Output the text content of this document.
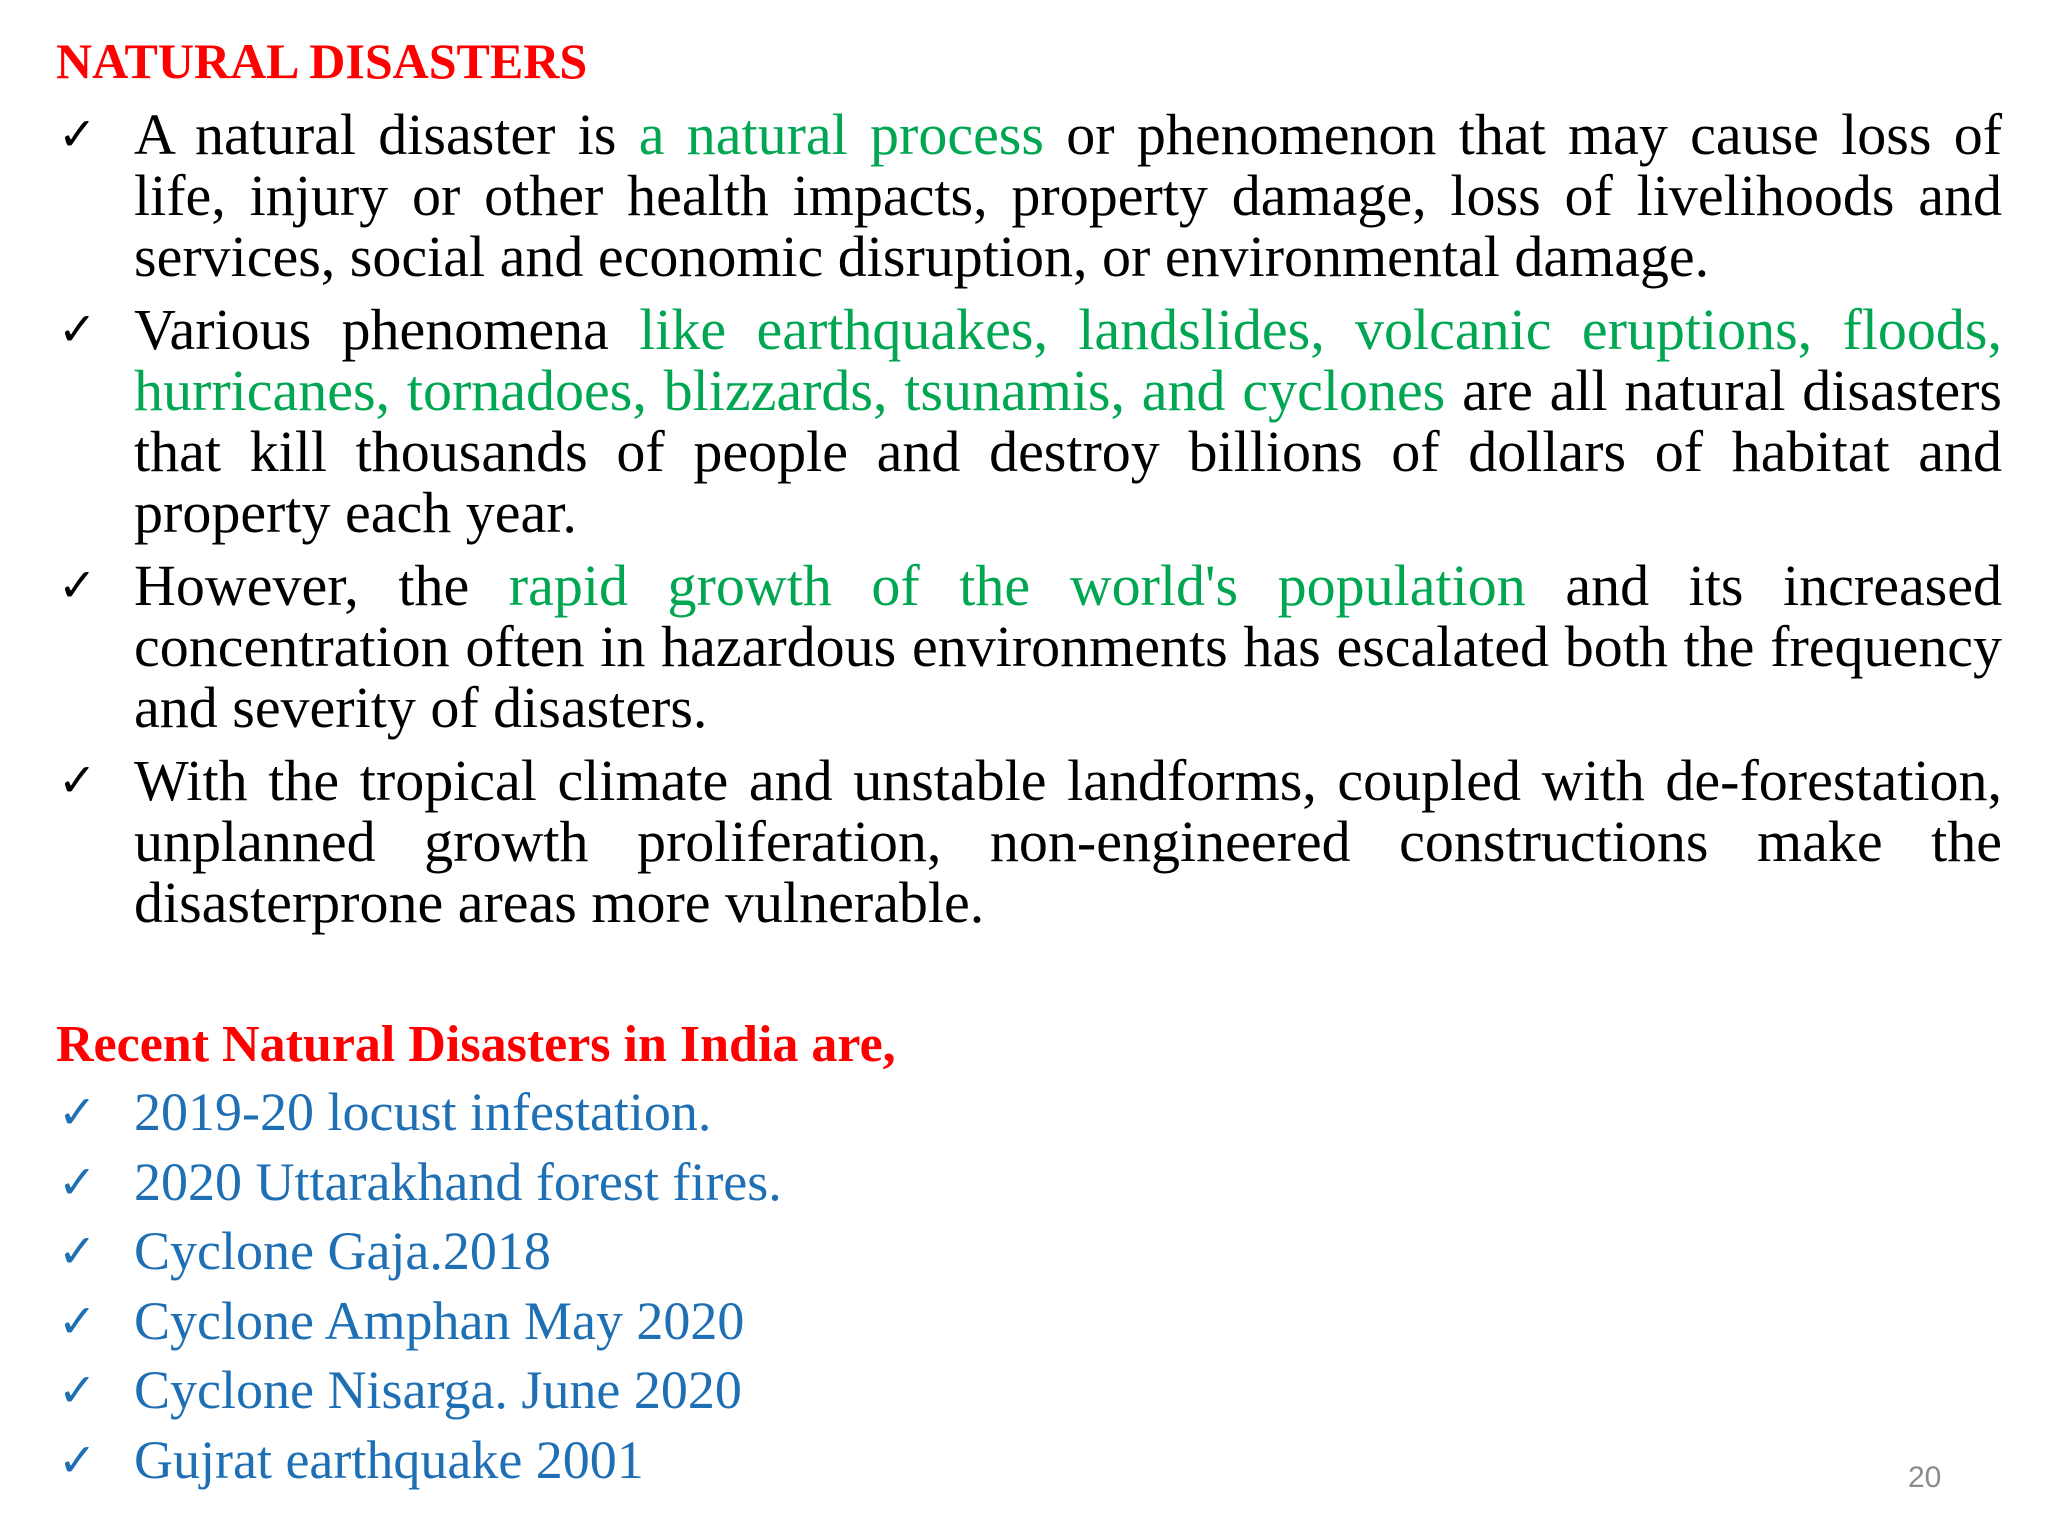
NATURAL DISASTERS
✓ A natural disaster is a natural process or phenomenon that may cause loss of life, injury or other health impacts, property damage, loss of livelihoods and services, social and economic disruption, or environmental damage.
✓ Various phenomena like earthquakes, landslides, volcanic eruptions, floods, hurricanes, tornadoes, blizzards, tsunamis, and cyclones are all natural disasters that kill thousands of people and destroy billions of dollars of habitat and property each year.
✓ However, the rapid growth of the world's population and its increased concentration often in hazardous environments has escalated both the frequency and severity of disasters.
✓ With the tropical climate and unstable landforms, coupled with de-forestation, unplanned growth proliferation, non-engineered constructions make the disasterprone areas more vulnerable.
Recent Natural Disasters in India are,
✓ 2019-20 locust infestation.
✓ 2020 Uttarakhand forest fires.
✓ Cyclone Gaja.2018
✓ Cyclone Amphan May 2020
✓ Cyclone Nisarga. June 2020
✓ Gujrat earthquake 2001	20
